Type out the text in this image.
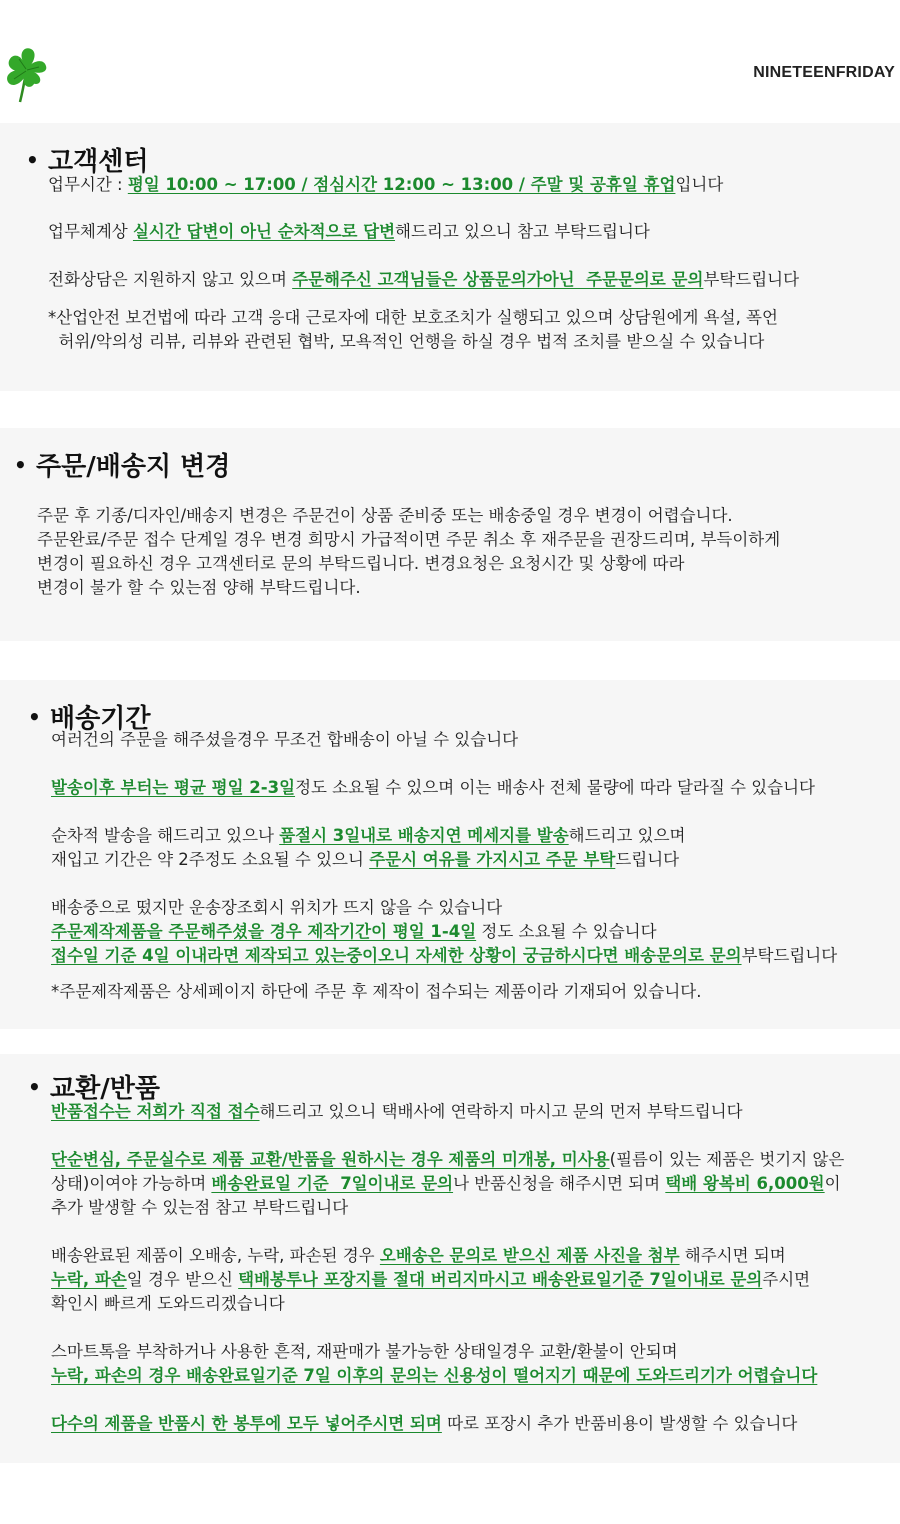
NINETEENFRIDAY
• 고객센터
업무시간 : 평일 10:00 ~ 17:00 / 점심시간 12:00 ~ 13:00 / 주말 및 공휴일 휴업입니다
업무체계상 실시간 답변이 아닌 순차적으로 답변해드리고 있으니 참고 부탁드립니다
전화상담은 지원하지 않고 있으며 주문해주신 고객님들은 상품문의가아닌  주문문의로 문의부탁드립니다
*산업안전 보건법에 따라 고객 응대 근로자에 대한 보호조치가 실행되고 있으며 상담원에게 욕설, 폭언
허위/악의성 리뷰, 리뷰와 관련된 협박, 모욕적인 언행을 하실 경우 법적 조치를 받으실 수 있습니다
• 주문/배송지 변경
주문 후 기종/디자인/배송지 변경은 주문건이 상품 준비중 또는 배송중일 경우 변경이 어렵습니다.
주문완료/주문 접수 단계일 경우 변경 희망시 가급적이면 주문 취소 후 재주문을 권장드리며, 부득이하게
변경이 필요하신 경우 고객센터로 문의 부탁드립니다. 변경요청은 요청시간 및 상황에 따라
변경이 불가 할 수 있는점 양해 부탁드립니다.
• 배송기간
여러건의 주문을 해주셨을경우 무조건 합배송이 아닐 수 있습니다
발송이후 부터는 평균 평일 2-3일정도 소요될 수 있으며 이는 배송사 전체 물량에 따라 달라질 수 있습니다
순차적 발송을 해드리고 있으나 품절시 3일내로 배송지연 메세지를 발송해드리고 있으며
재입고 기간은 약 2주정도 소요될 수 있으니 주문시 여유를 가지시고 주문 부탁드립니다
배송중으로 떴지만 운송장조회시 위치가 뜨지 않을 수 있습니다
주문제작제품을 주문해주셨을 경우 제작기간이 평일 1-4일 정도 소요될 수 있습니다
접수일 기준 4일 이내라면 제작되고 있는중이오니 자세한 상황이 궁금하시다면 배송문의로 문의부탁드립니다
*주문제작제품은 상세페이지 하단에 주문 후 제작이 접수되는 제품이라 기재되어 있습니다.
• 교환/반품
반품접수는 저희가 직접 접수해드리고 있으니 택배사에 연락하지 마시고 문의 먼저 부탁드립니다
단순변심, 주문실수로 제품 교환/반품을 원하시는 경우 제품의 미개봉, 미사용(필름이 있는 제품은 벗기지 않은
상태)이여야 가능하며 배송완료일 기준  7일이내로 문의나 반품신청을 해주시면 되며 택배 왕복비 6,000원이
추가 발생할 수 있는점 참고 부탁드립니다
배송완료된 제품이 오배송, 누락, 파손된 경우 오배송은 문의로 받으신 제품 사진을 첨부 해주시면 되며
누락, 파손일 경우 받으신 택배봉투나 포장지를 절대 버리지마시고 배송완료일기준 7일이내로 문의주시면
확인시 빠르게 도와드리겠습니다
스마트톡을 부착하거나 사용한 흔적, 재판매가 불가능한 상태일경우 교환/환불이 안되며
누락, 파손의 경우 배송완료일기준 7일 이후의 문의는 신용성이 떨어지기 때문에 도와드리기가 어렵습니다
다수의 제품을 반품시 한 봉투에 모두 넣어주시면 되며 따로 포장시 추가 반품비용이 발생할 수 있습니다
